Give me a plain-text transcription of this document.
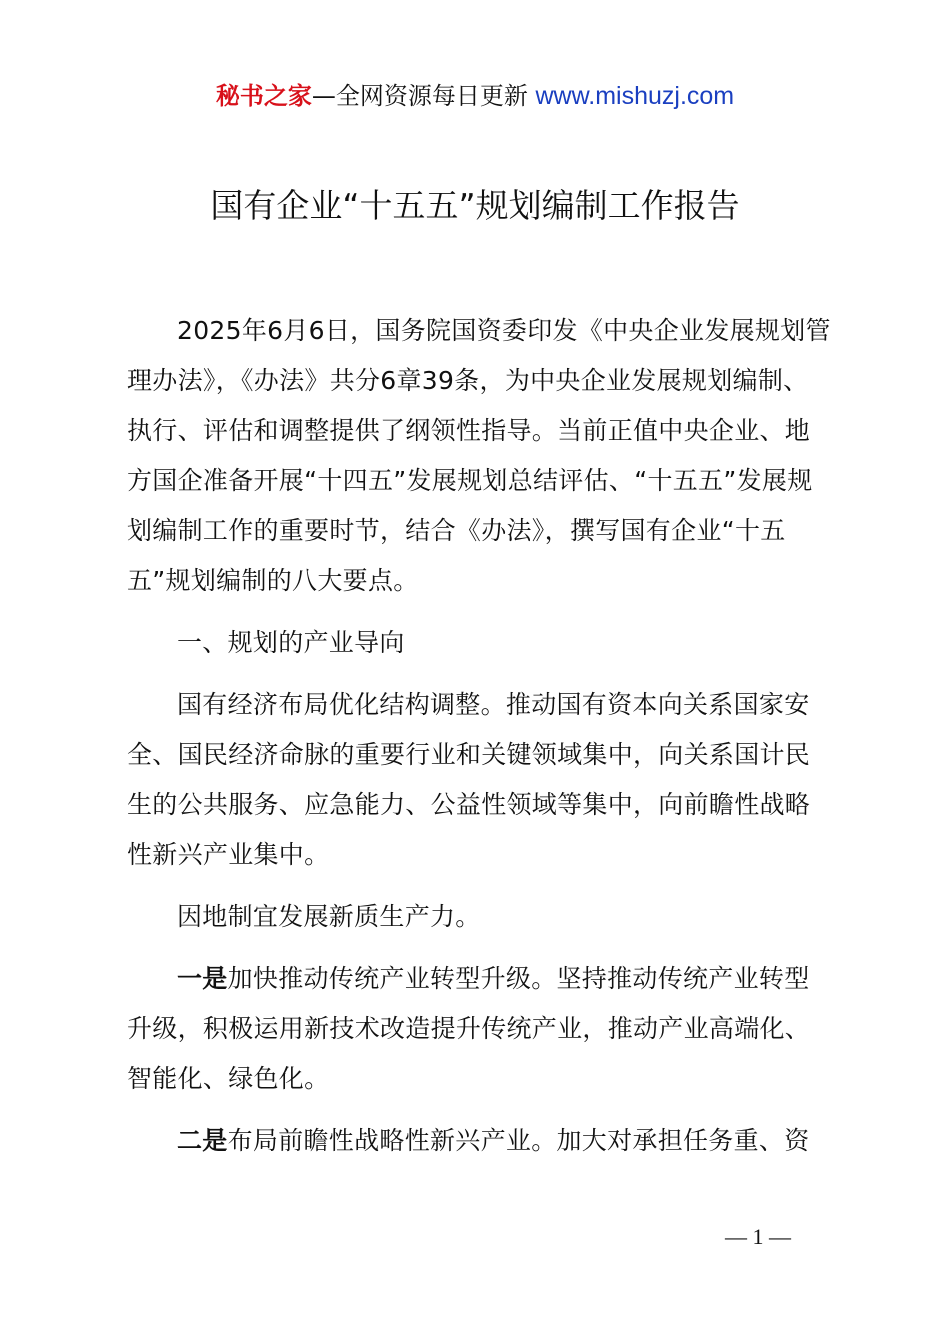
秘书之家—全网资源每日更新 www.mishuzj.com
国有企业“十五五”规划编制工作报告

2025年6月6日，国务院国资委印发《中央企业发展规划管理办法》，《办法》共分6章39条，为中央企业发展规划编制、执行、评估和调整提供了纲领性指导。当前正值中央企业、地方国企准备开展“十四五”发展规划总结评估、“十五五”发展规划编制工作的重要时节，结合《办法》，撰写国有企业“十五五”规划编制的八大要点。

一、规划的产业导向

国有经济布局优化结构调整。推动国有资本向关系国家安全、国民经济命脉的重要行业和关键领域集中，向关系国计民生的公共服务、应急能力、公益性领域等集中，向前瞻性战略性新兴产业集中。

因地制宜发展新质生产力。

一是加快推动传统产业转型升级。坚持推动传统产业转型升级，积极运用新技术改造提升传统产业，推动产业高端化、智能化、绿色化。

二是布局前瞻性战略性新兴产业。加大对承担任务重、资

— 1 —
